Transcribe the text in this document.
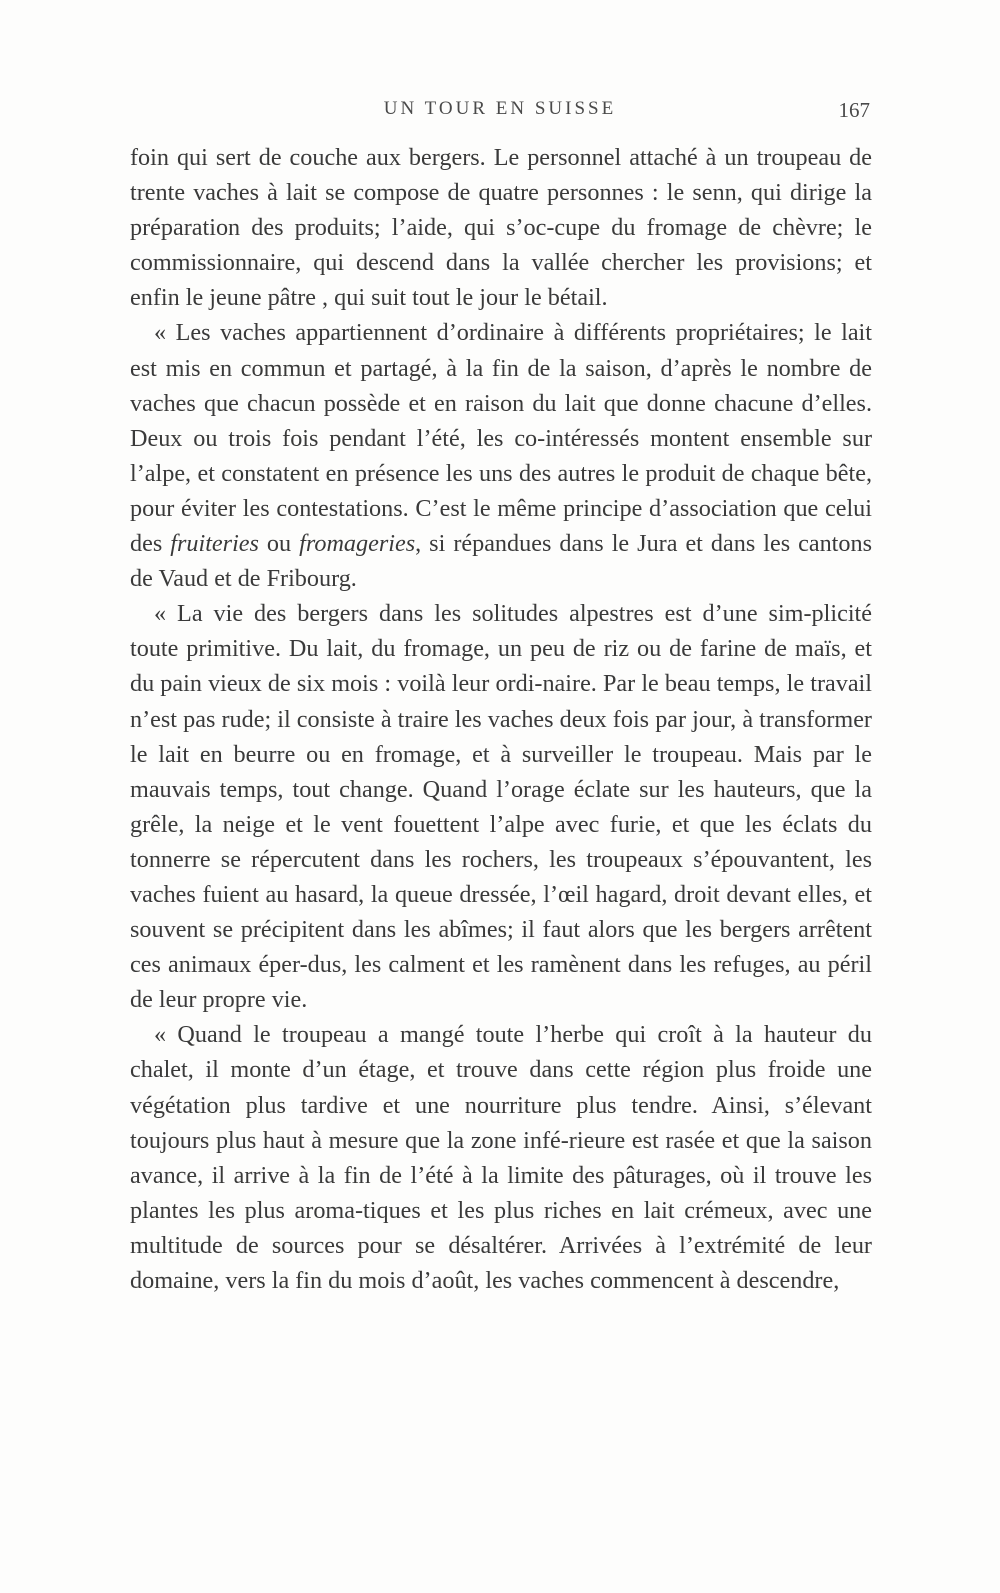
UN TOUR EN SUISSE	167

foin qui sert de couche aux bergers. Le personnel attaché à un troupeau de trente vaches à lait se compose de quatre personnes : le senn, qui dirige la préparation des produits; l’aide, qui s’oc-cupe du fromage de chèvre; le commissionnaire, qui descend dans la vallée chercher les provisions; et enfin le jeune pâtre , qui suit tout le jour le bétail.

« Les vaches appartiennent d’ordinaire à différents propriétaires; le lait est mis en commun et partagé, à la fin de la saison, d’après le nombre de vaches que chacun possède et en raison du lait que donne chacune d’elles. Deux ou trois fois pendant l’été, les co-intéressés montent ensemble sur l’alpe, et constatent en présence les uns des autres le produit de chaque bête, pour éviter les contestations. C’est le même principe d’association que celui des fruiteries ou fromageries, si répandues dans le Jura et dans les cantons de Vaud et de Fribourg.

« La vie des bergers dans les solitudes alpestres est d’une sim-plicité toute primitive. Du lait, du fromage, un peu de riz ou de farine de maïs, et du pain vieux de six mois : voilà leur ordi-naire. Par le beau temps, le travail n’est pas rude; il consiste à traire les vaches deux fois par jour, à transformer le lait en beurre ou en fromage, et à surveiller le troupeau. Mais par le mauvais temps, tout change. Quand l’orage éclate sur les hauteurs, que la grêle, la neige et le vent fouettent l’alpe avec furie, et que les éclats du tonnerre se répercutent dans les rochers, les troupeaux s’épouvantent, les vaches fuient au hasard, la queue dressée, l’œil hagard, droit devant elles, et souvent se précipitent dans les abîmes; il faut alors que les bergers arrêtent ces animaux éper-dus, les calment et les ramènent dans les refuges, au péril de leur propre vie.

« Quand le troupeau a mangé toute l’herbe qui croît à la hauteur du chalet, il monte d’un étage, et trouve dans cette région plus froide une végétation plus tardive et une nourriture plus tendre. Ainsi, s’élevant toujours plus haut à mesure que la zone infé-rieure est rasée et que la saison avance, il arrive à la fin de l’été à la limite des pâturages, où il trouve les plantes les plus aroma-tiques et les plus riches en lait crémeux, avec une multitude de sources pour se désaltérer. Arrivées à l’extrémité de leur domaine, vers la fin du mois d’août, les vaches commencent à descendre,
